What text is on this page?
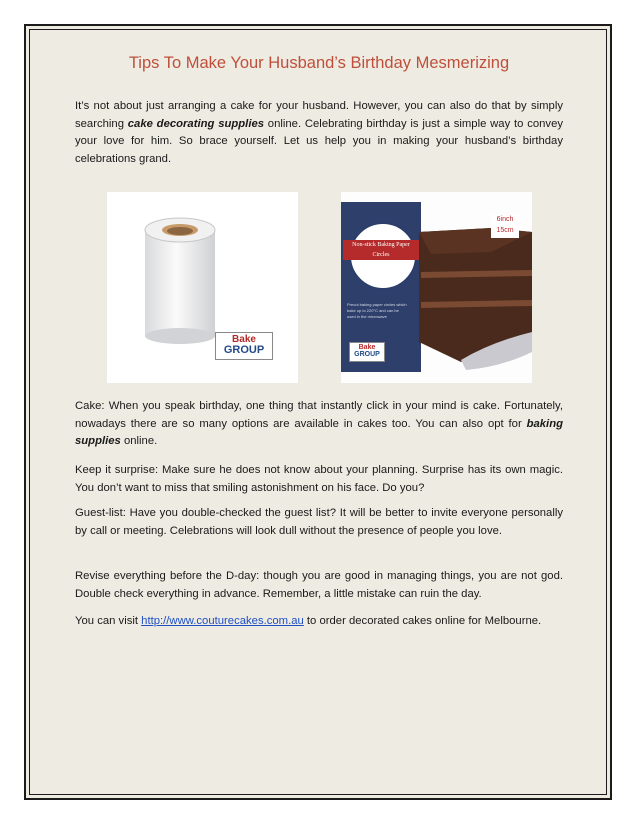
Tips To Make Your Husband’s Birthday Mesmerizing

It’s not about just arranging a cake for your husband. However, you can also do that by simply searching cake decorating supplies online. Celebrating birthday is just a simple way to convey your love for him. So brace yourself. Let us help you in making your husband’s birthday celebrations grand.

Bake
GROUP
Non-stick Baking Paper Circles
6inch
15cm
Precut baking paper circles which bake up to 220°C and can be used in the microwave
Bake
GROUP

Cake: When you speak birthday, one thing that instantly click in your mind is cake. Fortunately, nowadays there are so many options are available in cakes too. You can also opt for baking supplies online.

Keep it surprise: Make sure he does not know about your planning. Surprise has its own magic. You don’t want to miss that smiling astonishment on his face. Do you?

Guest-list: Have you double-checked the guest list? It will be better to invite everyone personally by call or meeting. Celebrations will look dull without the presence of people you love.

Revise everything before the D-day: though you are good in managing things, you are not god. Double check everything in advance. Remember, a little mistake can ruin the day.

You can visit http://www.couturecakes.com.au to order decorated cakes online for Melbourne.
